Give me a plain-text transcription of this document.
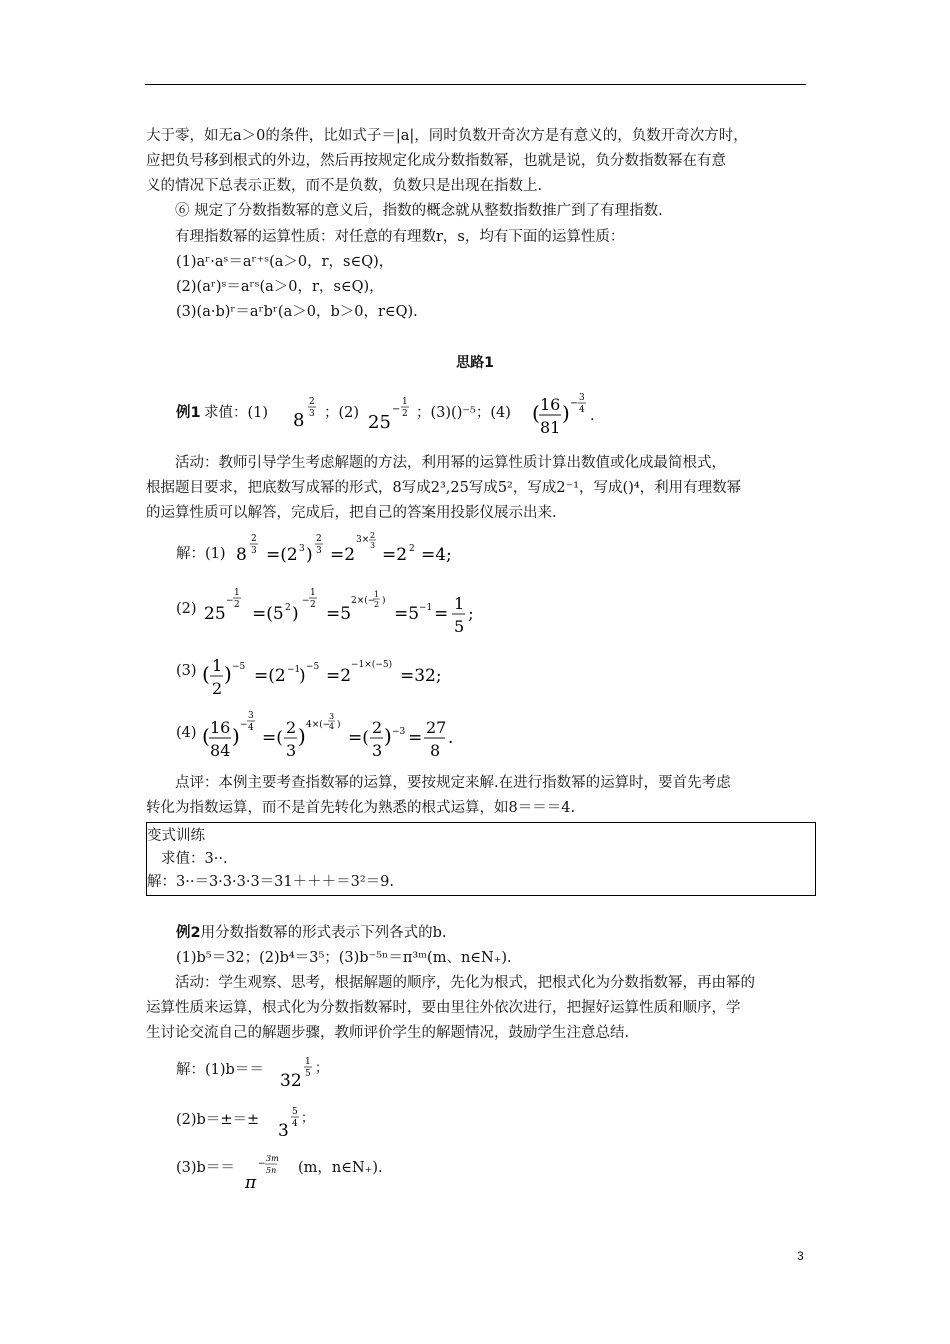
大于零，如无a＞0的条件，比如式子＝|a|，同时负数开奇次方是有意义的，负数开奇次方时，
应把负号移到根式的外边，然后再按规定化成分数指数幂，也就是说，负分数指数幂在有意
义的情况下总表示正数，而不是负数，负数只是出现在指数上.
⑥ 规定了分数指数幂的意义后，指数的概念就从整数指数推广到了有理指数.
有理指数幂的运算性质：对任意的有理数r，s，均有下面的运算性质：
(1)aʳ·aˢ＝aʳ⁺ˢ(a＞0，r，s∈Q)，
(2)(aʳ)ˢ＝aʳˢ(a＞0，r，s∈Q)，
(3)(a·b)ʳ＝aʳbʳ(a＞0，b＞0，r∈Q).
思路1
例1 求值：(1) 8
2
3 ；(2) 25
−
1
2 ；(3)()⁻⁵；(4) ( 16
81
) − 3
4 .
活动：教师引导学生考虑解题的方法，利用幂的运算性质计算出数值或化成最简根式，
根据题目要求，把底数写成幂的形式，8写成2³,25写成5²，写成2⁻¹，写成()⁴，利用有理数幂
的运算性质可以解答，完成后，把自己的答案用投影仪展示出来.
解：(1) 8
2
3 =(2 3 )
2
3 =2
3× 2
3 =2 2 =4;
(2) 25
−
1
2 =(5 2 )
−
1
2 =5
2×(−
1
2 )
=5 −1 =
1
5
;
(3) ( 1
2
) −5 =(2 −1
) −5 =2
−1×(−5)
=32;
(4) ( 16
84
) −
3
4 =(
2
3
) 4×(−
3
4 )
=(
2
3
) −3 =
27
8
.
点评：本例主要考查指数幂的运算，要按规定来解.在进行指数幂的运算时，要首先考虑
转化为指数运算，而不是首先转化为熟悉的根式运算，如8＝＝＝4.
变式训练
求值：3··.
解：3··＝3·3·3·3＝31＋＋＋＝3²＝9.
例2用分数指数幂的形式表示下列各式的b.
(1)b⁵＝32；(2)b⁴＝3⁵；(3)b⁻⁵ⁿ＝π³ᵐ(m、n∈N₊).
活动：学生观察、思考，根据解题的顺序，先化为根式，把根式化为分数指数幂，再由幂的
运算性质来运算，根式化为分数指数幂时，要由里往外依次进行，把握好运算性质和顺序，学
生讨论交流自己的解题步骤，教师评价学生的解题情况，鼓励学生注意总结.
解：(1)b＝＝
32
1
5 ；
(2)b＝±＝±
3
5
4 ；
(3)b＝＝
π
−
3m
5n (m，n∈N₊).
3
